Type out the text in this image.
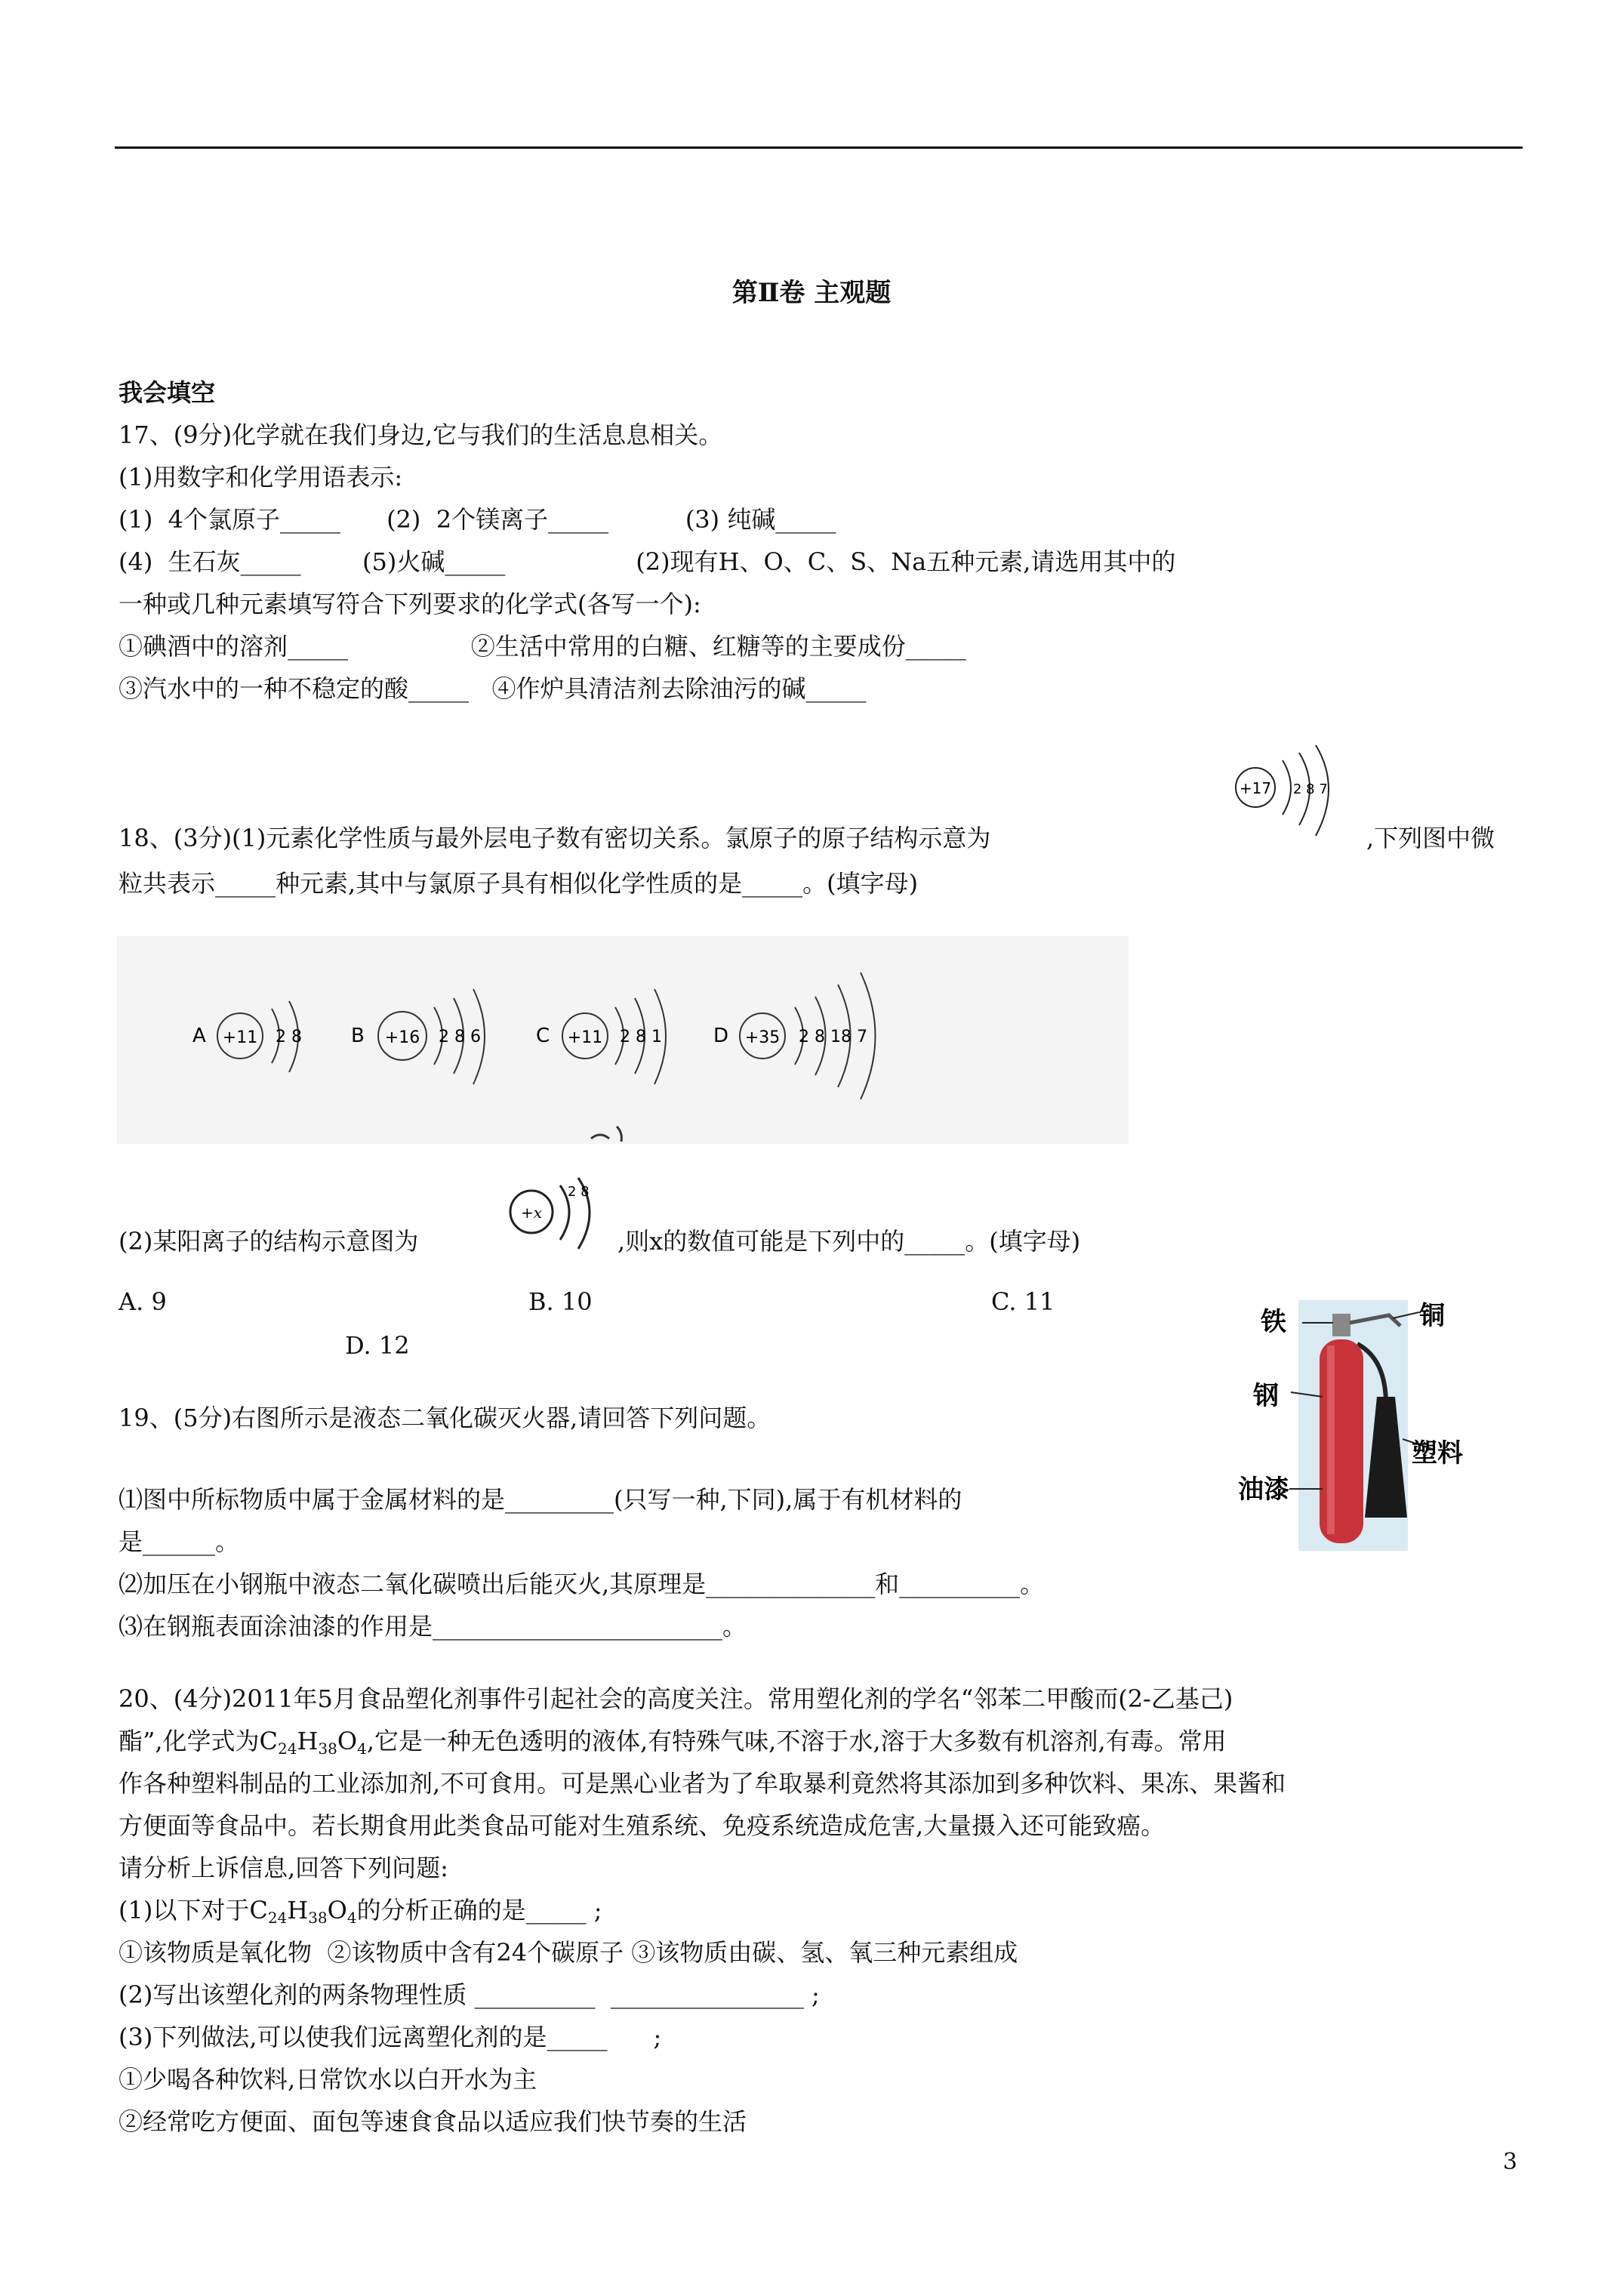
第Ⅱ卷 主观题
我会填空
17、(9分)化学就在我们身边,它与我们的生活息息相关。
(1)用数字和化学用语表示:
(1)  4个氯原子_____      (2)  2个镁离子_____          (3) 纯碱_____
(4)  生石灰_____        (5)火碱_____                 (2)现有H、O、C、S、Na五种元素,请选用其中的
一种或几种元素填写符合下列要求的化学式(各写一个):
①碘酒中的溶剂_____                ②生活中常用的白糖、红糖等的主要成份_____
③汽水中的一种不稳定的酸_____   ④作炉具清洁剂去除油污的碱_____
18、(3分)(1)元素化学性质与最外层电子数有密切关系。氯原子的原子结构示意为
+17 2 8 7
,下列图中微
粒共表示_____种元素,其中与氯原子具有相似化学性质的是_____。(填字母)
A +11 2 8	B +16 2 8 6	C +11 2 8 1	D +35 2 8 18 7
(2)某阳离子的结构示意图为
+x
2 8
,则x的数值可能是下列中的_____。(填字母)
A. 9	B. 10	C. 11
D. 12
铁	铜
钢
塑料
油漆
19、(5分)右图所示是液态二氧化碳灭火器,请回答下列问题。
⑴图中所标物质中属于金属材料的是_________(只写一种,下同),属于有机材料的
是______。
⑵加压在小钢瓶中液态二氧化碳喷出后能灭火,其原理是______________和__________。
⑶在钢瓶表面涂油漆的作用是________________________。
20、(4分)2011年5月食品塑化剂事件引起社会的高度关注。常用塑化剂的学名“邻苯二甲酸而(2-乙基己)
酯”,化学式为$C_{24}H_{38}O_4$,它是一种无色透明的液体,有特殊气味,不溶于水,溶于大多数有机溶剂,有毒。常用
作各种塑料制品的工业添加剂,不可食用。可是黑心业者为了牟取暴利竟然将其添加到多种饮料、果冻、果酱和
方便面等食品中。若长期食用此类食品可能对生殖系统、免疫系统造成危害,大量摄入还可能致癌。
请分析上诉信息,回答下列问题:
(1)以下对于$C_{24}H_{38}O_4$的分析正确的是_____ ;
①该物质是氧化物  ②该物质中含有24个碳原子 ③该物质由碳、氢、氧三种元素组成
(2)写出该塑化剂的两条物理性质 __________  ________________ ;
(3)下列做法,可以使我们远离塑化剂的是_____      ;
①少喝各种饮料,日常饮水以白开水为主
②经常吃方便面、面包等速食食品以适应我们快节奏的生活
3
